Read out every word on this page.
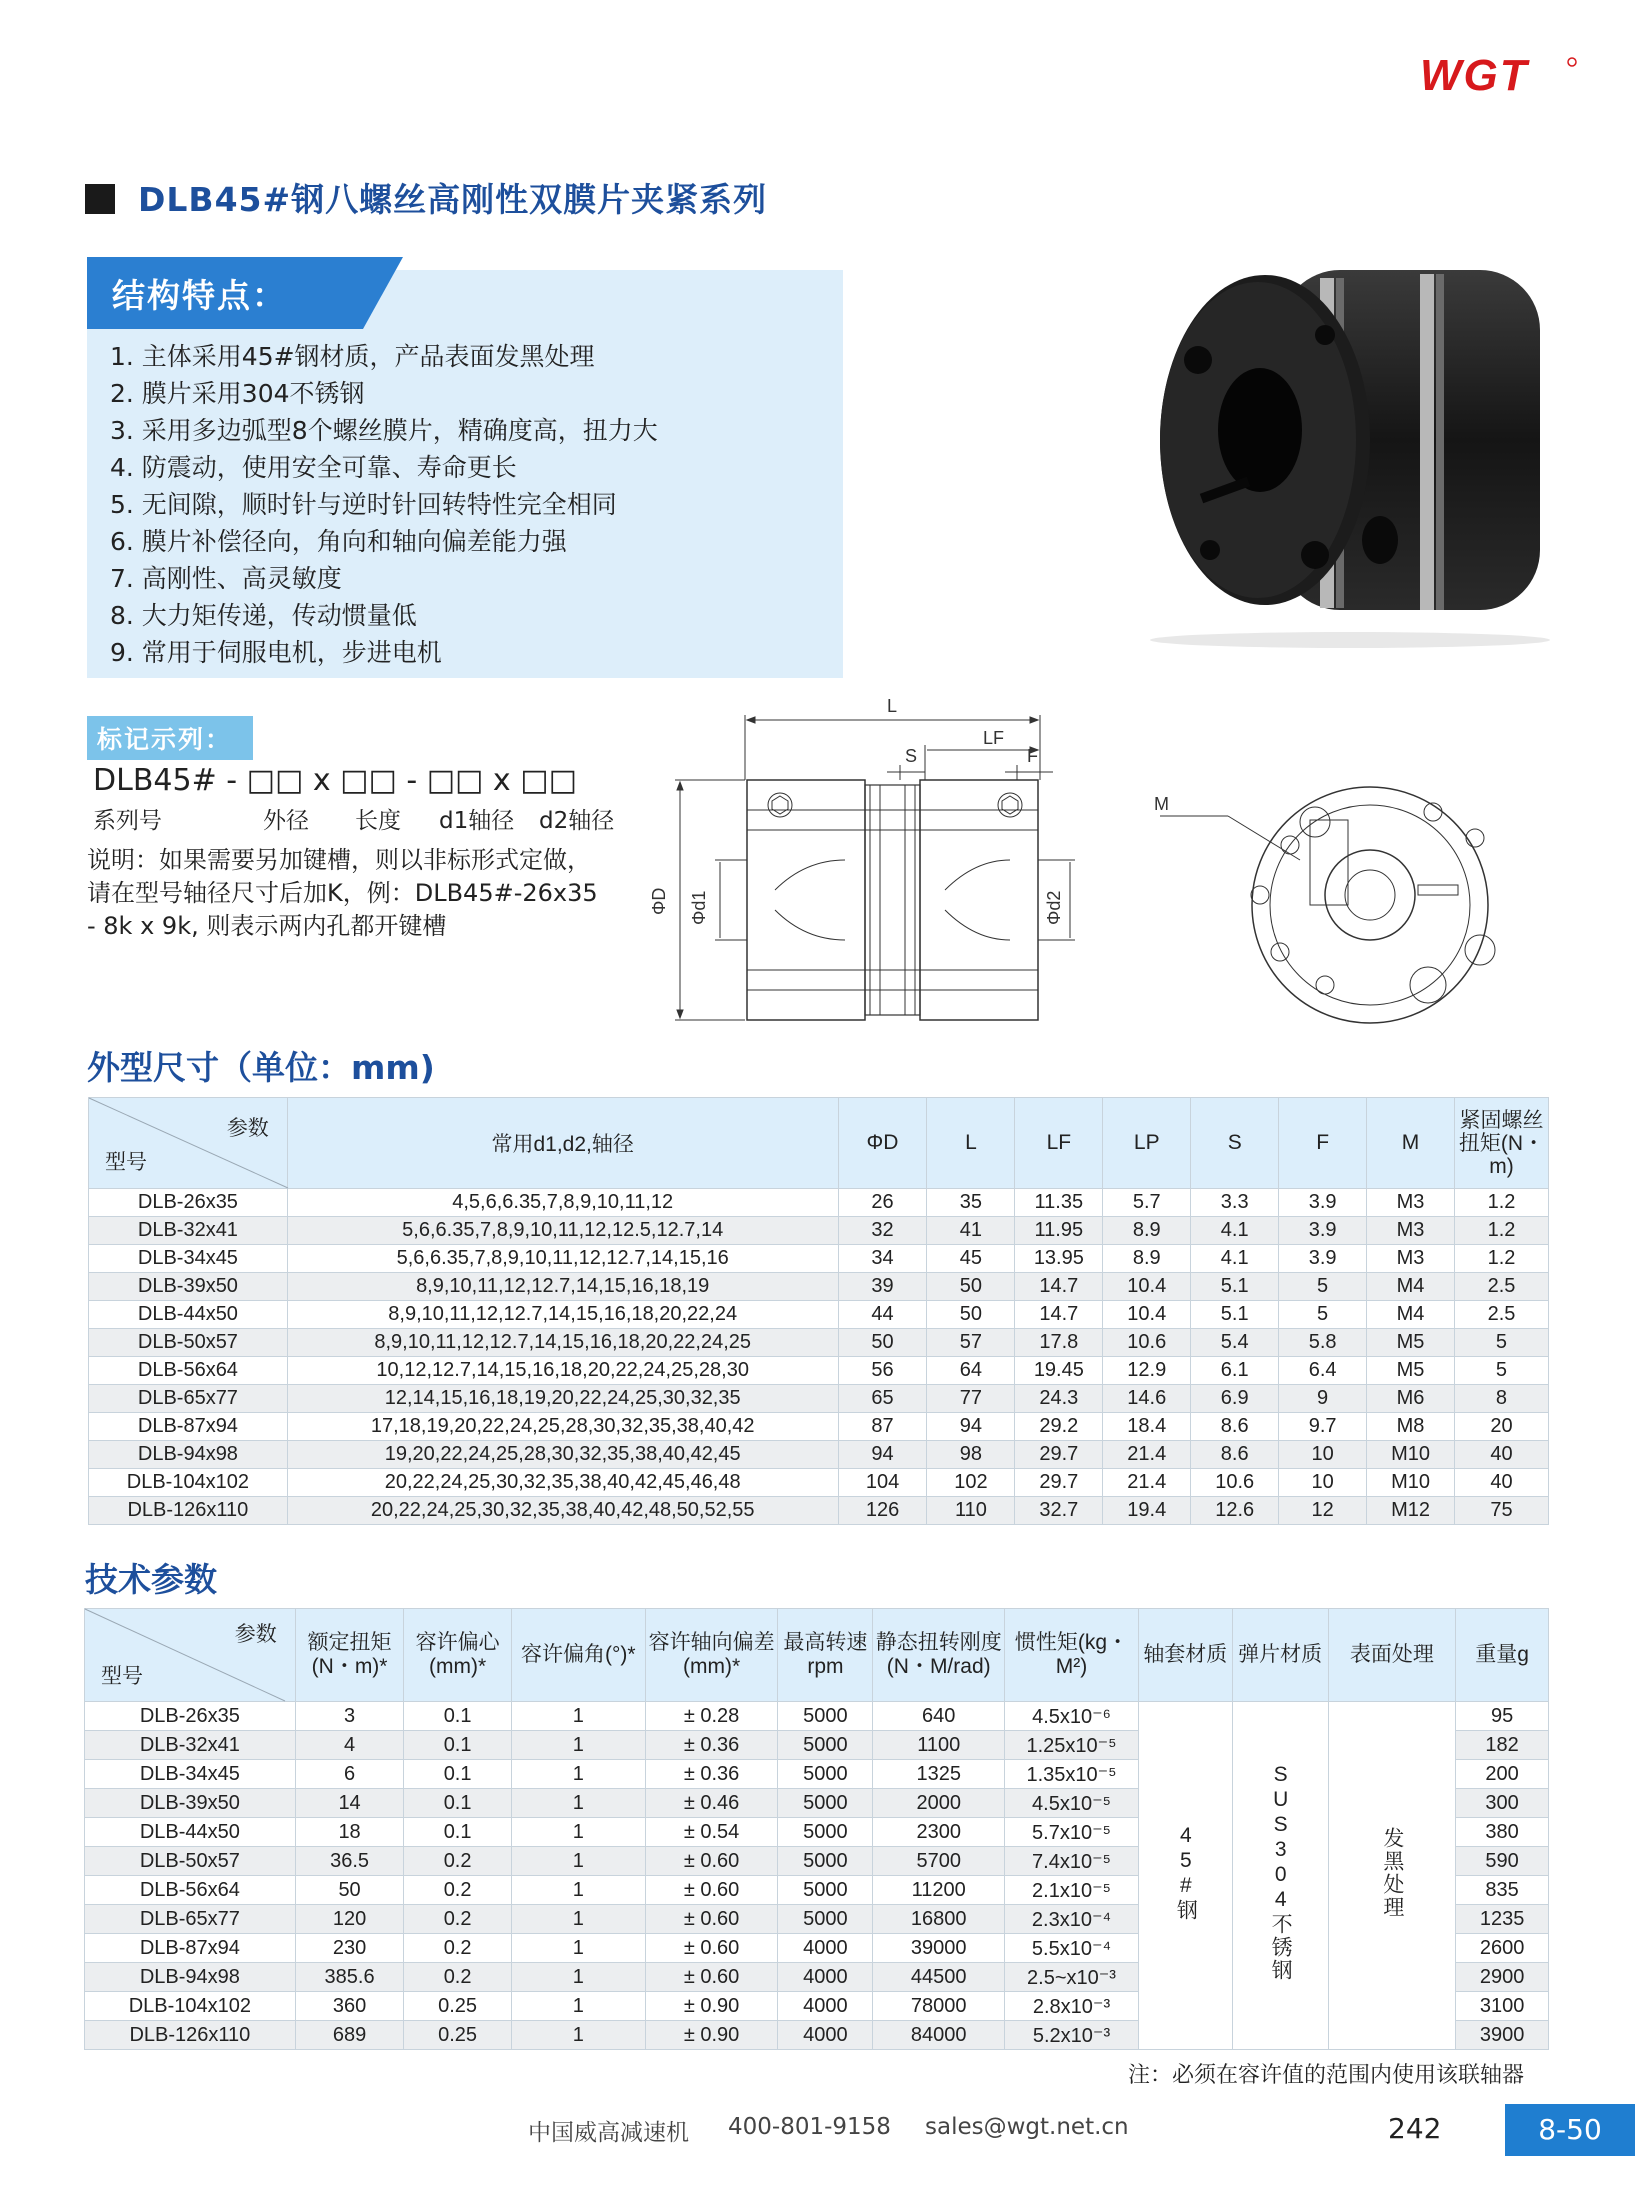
WGT
DLB45#钢八螺丝高刚性双膜片夹紧系列
结构特点：
1. 主体采用45#钢材质，产品表面发黑处理
2. 膜片采用304不锈钢
3. 采用多边弧型8个螺丝膜片，精确度高，扭力大
4. 防震动，使用安全可靠、寿命更长
5. 无间隙，顺时针与逆时针回转特性完全相同
6. 膜片补偿径向，角向和轴向偏差能力强
7. 高刚性、高灵敏度
8. 大力矩传递，传动惯量低
9. 常用于伺服电机，步进电机
标记示列：
DLB45# - □□ x □□ - □□ x □□
系列号	外径 长度 d1轴径 d2轴径
说明：如果需要另加键槽，则以非标形式定做，请在型号轴径尺寸后加K，例：DLB45#-26x35 - 8k x 9k, 则表示两内孔都开键槽
L
LF
S	F
ΦD Φd1	Φd2
M
外型尺寸（单位：mm)
参数
型号	常用d1,d2,轴径	ΦD	L	LF	LP	S	F	M	紧固螺丝扭矩(N・m)
DLB-26x35	4,5,6,6.35,7,8,9,10,11,12	26	35	11.35	5.7	3.3	3.9	M3	1.2
DLB-32x41	5,6,6.35,7,8,9,10,11,12,12.5,12.7,14	32	41	11.95	8.9	4.1	3.9	M3	1.2
DLB-34x45	5,6,6.35,7,8,9,10,11,12,12.7,14,15,16	34	45	13.95	8.9	4.1	3.9	M3	1.2
DLB-39x50	8,9,10,11,12,12.7,14,15,16,18,19	39	50	14.7	10.4	5.1	5	M4	2.5
DLB-44x50	8,9,10,11,12,12.7,14,15,16,18,20,22,24	44	50	14.7	10.4	5.1	5	M4	2.5
DLB-50x57	8,9,10,11,12,12.7,14,15,16,18,20,22,24,25	50	57	17.8	10.6	5.4	5.8	M5	5
DLB-56x64	10,12,12.7,14,15,16,18,20,22,24,25,28,30	56	64	19.45	12.9	6.1	6.4	M5	5
DLB-65x77	12,14,15,16,18,19,20,22,24,25,30,32,35	65	77	24.3	14.6	6.9	9	M6	8
DLB-87x94	17,18,19,20,22,24,25,28,30,32,35,38,40,42	87	94	29.2	18.4	8.6	9.7	M8	20
DLB-94x98	19,20,22,24,25,28,30,32,35,38,40,42,45	94	98	29.7	21.4	8.6	10	M10	40
DLB-104x102	20,22,24,25,30,32,35,38,40,42,45,46,48	104	102	29.7	21.4	10.6	10	M10	40
DLB-126x110	20,22,24,25,30,32,35,38,40,42,48,50,52,55	126	110	32.7	19.4	12.6	12	M12	75
技术参数
参数
型号	额定扭矩(N・m)*	容许偏心(mm)*	容许偏角(°)*	容许轴向偏差(mm)*	最高转速rpm	静态扭转刚度(N・M/rad)	惯性矩(kg・M²)	轴套材质	弹片材质	表面处理	重量g
DLB-26x35	3	0.1	1	± 0.28	5000	640	4.5x10⁻⁶	45#钢	SUS304不锈钢	发黑处理	95
DLB-32x41	4	0.1	1	± 0.36	5000	1100	1.25x10⁻⁵				182
DLB-34x45	6	0.1	1	± 0.36	5000	1325	1.35x10⁻⁵				200
DLB-39x50	14	0.1	1	± 0.46	5000	2000	4.5x10⁻⁵				300
DLB-44x50	18	0.1	1	± 0.54	5000	2300	5.7x10⁻⁵				380
DLB-50x57	36.5	0.2	1	± 0.60	5000	5700	7.4x10⁻⁵				590
DLB-56x64	50	0.2	1	± 0.60	5000	11200	2.1x10⁻⁵				835
DLB-65x77	120	0.2	1	± 0.60	5000	16800	2.3x10⁻⁴				1235
DLB-87x94	230	0.2	1	± 0.60	4000	39000	5.5x10⁻⁴				2600
DLB-94x98	385.6	0.2	1	± 0.60	4000	44500	2.5~x10⁻³				2900
DLB-104x102	360	0.25	1	± 0.90	4000	78000	2.8x10⁻³				3100
DLB-126x110	689	0.25	1	± 0.90	4000	84000	5.2x10⁻³				3900
注：必须在容许值的范围内使用该联轴器
中国威高减速机 400-801-9158 sales@wgt.net.cn	242	8-50
